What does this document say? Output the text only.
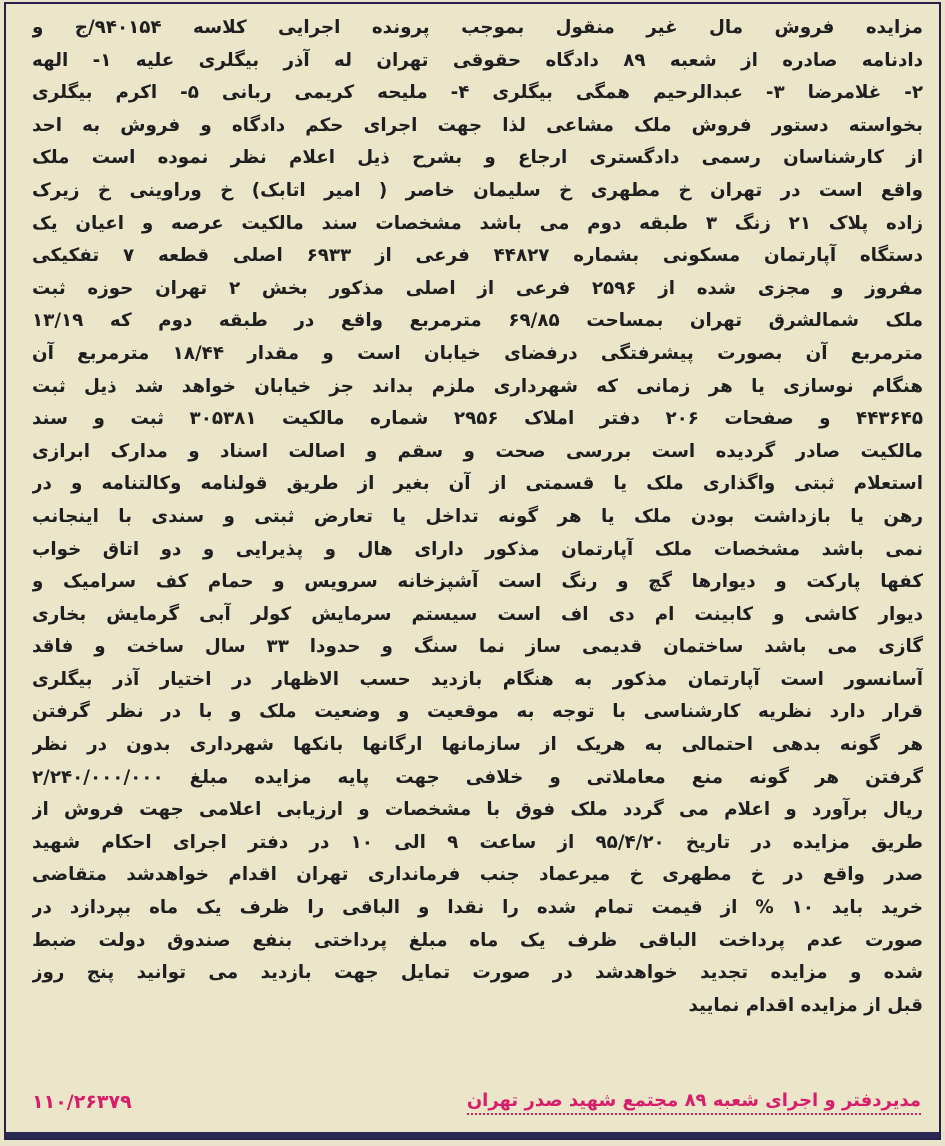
مزایده فروش مال غیر منقول بموجب پرونده اجرایی کلاسه ۹۴۰۱۵۴/ج و
دادنامه صادره از شعبه ۸۹ دادگاه حقوقی تهران له آذر بیگلری علیه ۱- الهه
۲- غلامرضا ۳- عبدالرحیم همگی بیگلری ۴- ملیحه کریمی ربانی ۵- اکرم بیگلری
بخواسته دستور فروش ملک مشاعی لذا جهت اجرای حکم دادگاه و فروش به احد
از کارشناسان رسمی دادگستری ارجاع و بشرح ذیل اعلام نظر نموده است ملک
واقع است در تهران خ مطهری خ سلیمان خاصر ( امیر اتابک) خ وراوینی خ زیرک
زاده پلاک ۲۱ زنگ ۳ طبقه دوم می باشد مشخصات سند مالکیت عرصه و اعیان یک
دستگاه آپارتمان مسکونی بشماره ۴۴۸۲۷ فرعی از ۶۹۳۳ اصلی قطعه ۷ تفکیکی
مفروز و مجزی شده از ۲۵۹۶ فرعی از اصلی مذکور بخش ۲ تهران حوزه ثبت
ملک شمالشرق تهران بمساحت ۶۹/۸۵ مترمربع واقع در طبقه دوم که ۱۳/۱۹
مترمربع آن بصورت پیشرفتگی درفضای خیابان است و مقدار ۱۸/۴۴ مترمربع آن
هنگام نوسازی یا هر زمانی که شهرداری ملزم بداند جز خیابان خواهد شد ذیل ثبت
۴۴۳۶۴۵ و صفحات ۲۰۶ دفتر املاک ۲۹۵۶ شماره مالکیت ۳۰۵۳۸۱ ثبت و سند
مالکیت صادر گردیده است بررسی صحت و سقم و اصالت اسناد و مدارک ابرازی
استعلام ثبتی واگذاری ملک یا قسمتی از آن بغیر از طریق قولنامه وکالتنامه و در
رهن یا بازداشت بودن ملک یا هر گونه تداخل یا تعارض ثبتی و سندی با اینجانب
نمی باشد مشخصات ملک آپارتمان مذکور دارای هال و پذیرایی و دو اتاق خواب
کفها پارکت و دیوارها گچ و رنگ است آشپزخانه سرویس و حمام کف سرامیک و
دیوار کاشی و کابینت ام دی اف است سیستم سرمایش کولر آبی گرمایش بخاری
گازی می باشد ساختمان قدیمی ساز نما سنگ و حدودا ۳۳ سال ساخت و فاقد
آسانسور است آپارتمان مذکور به هنگام بازدید حسب الاظهار در اختیار آذر بیگلری
قرار دارد نظریه کارشناسی با توجه به موقعیت و وضعیت ملک و با در نظر گرفتن
هر گونه بدهی احتمالی به هریک از سازمانها ارگانها بانکها شهرداری بدون در نظر
گرفتن هر گونه منع معاملاتی و خلافی جهت پایه مزایده مبلغ ۲/۲۴۰/۰۰۰/۰۰۰
ریال برآورد و اعلام می گردد ملک فوق با مشخصات و ارزیابی اعلامی جهت فروش از
طریق مزایده در تاریخ ۹۵/۴/۲۰ از ساعت ۹ الی ۱۰ در دفتر اجرای احکام شهید
صدر واقع در خ مطهری خ میرعماد جنب فرمانداری تهران اقدام خواهدشد متقاضی
خرید باید ۱۰ % از قیمت تمام شده را نقدا و الباقی را ظرف یک ماه بپردازد در
صورت عدم پرداخت الباقی ظرف یک ماه مبلغ پرداختی بنفع صندوق دولت ضبط
شده و مزایده تجدید خواهدشد در صورت تمایل جهت بازدید می توانید پنج روز
قبل از مزایده اقدام نمایید
مدیردفتر و اجرای شعبه ۸۹ مجتمع شهید صدر تهران
۱۱۰/۲۶۳۷۹
